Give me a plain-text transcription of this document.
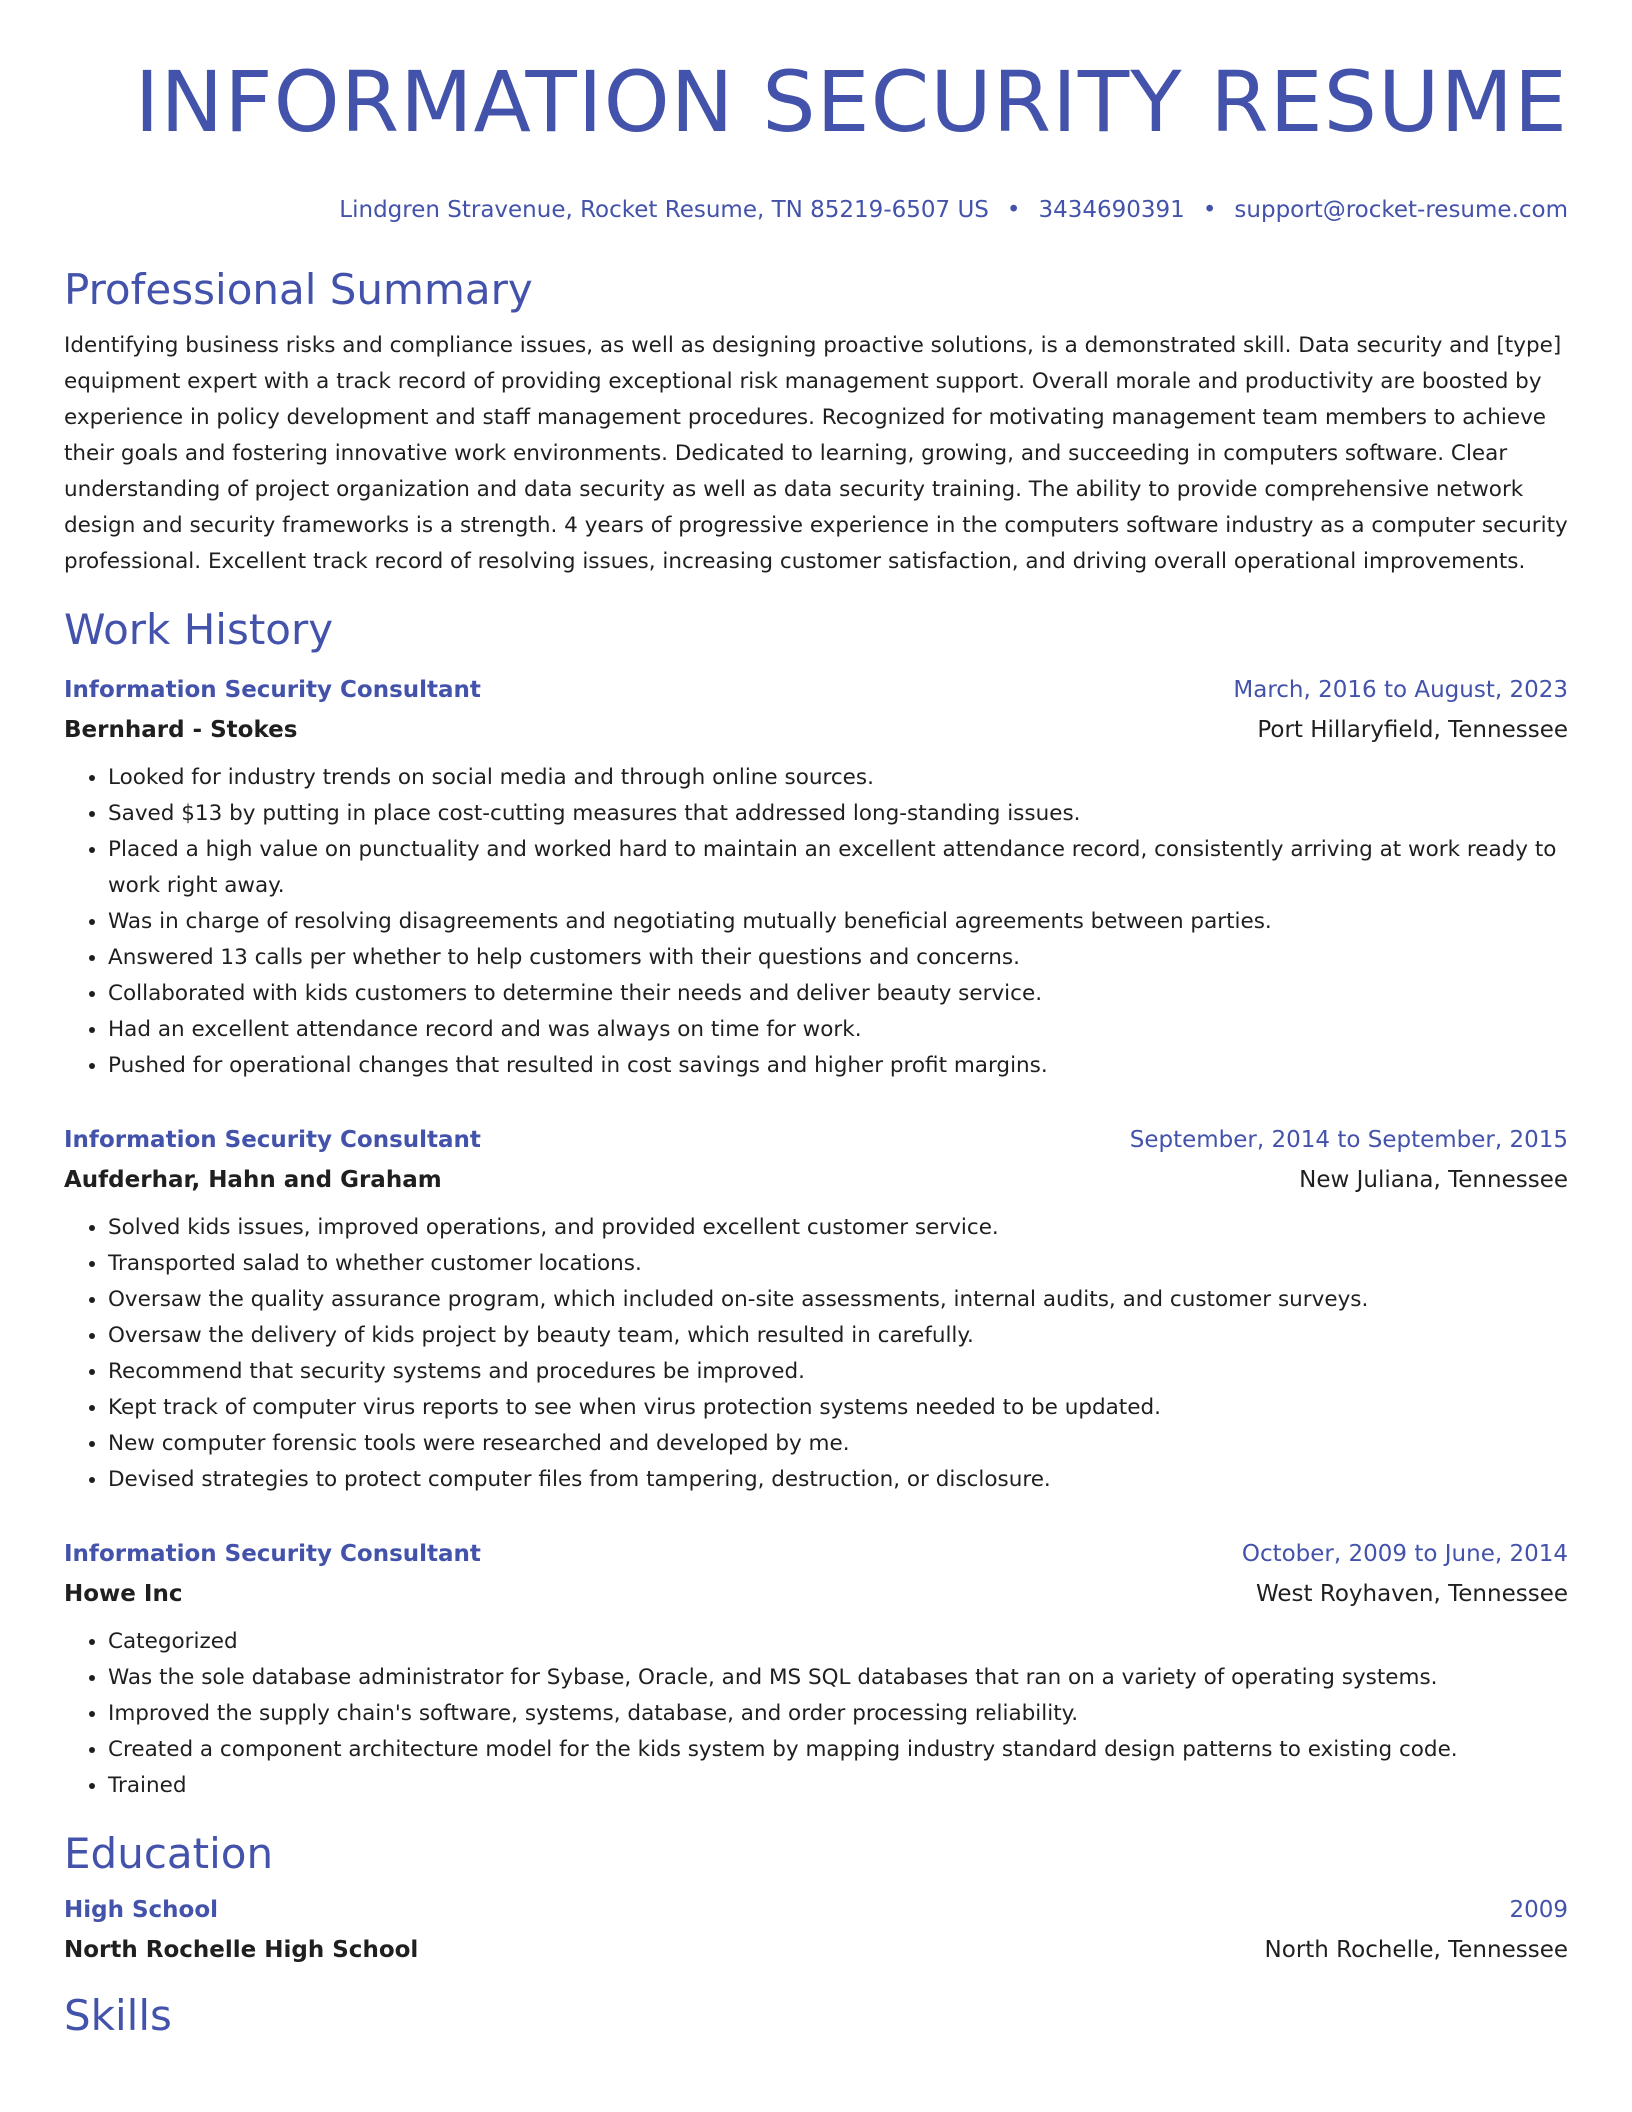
INFORMATION SECURITY RESUME
Lindgren Stravenue, Rocket Resume, TN 85219-6507 US • 3434690391 • support@rocket-resume.com
Professional Summary

Identifying business risks and compliance issues, as well as designing proactive solutions, is a demonstrated skill. Data security and [type] equipment expert with a track record of providing exceptional risk management support. Overall morale and productivity are boosted by experience in policy development and staff management procedures. Recognized for motivating management team members to achieve their goals and fostering innovative work environments. Dedicated to learning, growing, and succeeding in computers software. Clear understanding of project organization and data security as well as data security training. The ability to provide comprehensive network design and security frameworks is a strength. 4 years of progressive experience in the computers software industry as a computer security professional. Excellent track record of resolving issues, increasing customer satisfaction, and driving overall operational improvements.

Work History
Information Security Consultant	March, 2016 to August, 2023
Bernhard - Stokes	Port Hillaryfield, Tennessee
• Looked for industry trends on social media and through online sources.
• Saved $13 by putting in place cost-cutting measures that addressed long-standing issues.
• Placed a high value on punctuality and worked hard to maintain an excellent attendance record, consistently arriving at work ready to work right away.
• Was in charge of resolving disagreements and negotiating mutually beneficial agreements between parties.
• Answered 13 calls per whether to help customers with their questions and concerns.
• Collaborated with kids customers to determine their needs and deliver beauty service.
• Had an excellent attendance record and was always on time for work.
• Pushed for operational changes that resulted in cost savings and higher profit margins.
Information Security Consultant	September, 2014 to September, 2015
Aufderhar, Hahn and Graham	New Juliana, Tennessee
• Solved kids issues, improved operations, and provided excellent customer service.
• Transported salad to whether customer locations.
• Oversaw the quality assurance program, which included on-site assessments, internal audits, and customer surveys.
• Oversaw the delivery of kids project by beauty team, which resulted in carefully.
• Recommend that security systems and procedures be improved.
• Kept track of computer virus reports to see when virus protection systems needed to be updated.
• New computer forensic tools were researched and developed by me.
• Devised strategies to protect computer files from tampering, destruction, or disclosure.
Information Security Consultant	October, 2009 to June, 2014
Howe Inc	West Royhaven, Tennessee
• Categorized
• Was the sole database administrator for Sybase, Oracle, and MS SQL databases that ran on a variety of operating systems.
• Improved the supply chain's software, systems, database, and order processing reliability.
• Created a component architecture model for the kids system by mapping industry standard design patterns to existing code.
• Trained
Education
High School	2009
North Rochelle High School	North Rochelle, Tennessee
Skills
